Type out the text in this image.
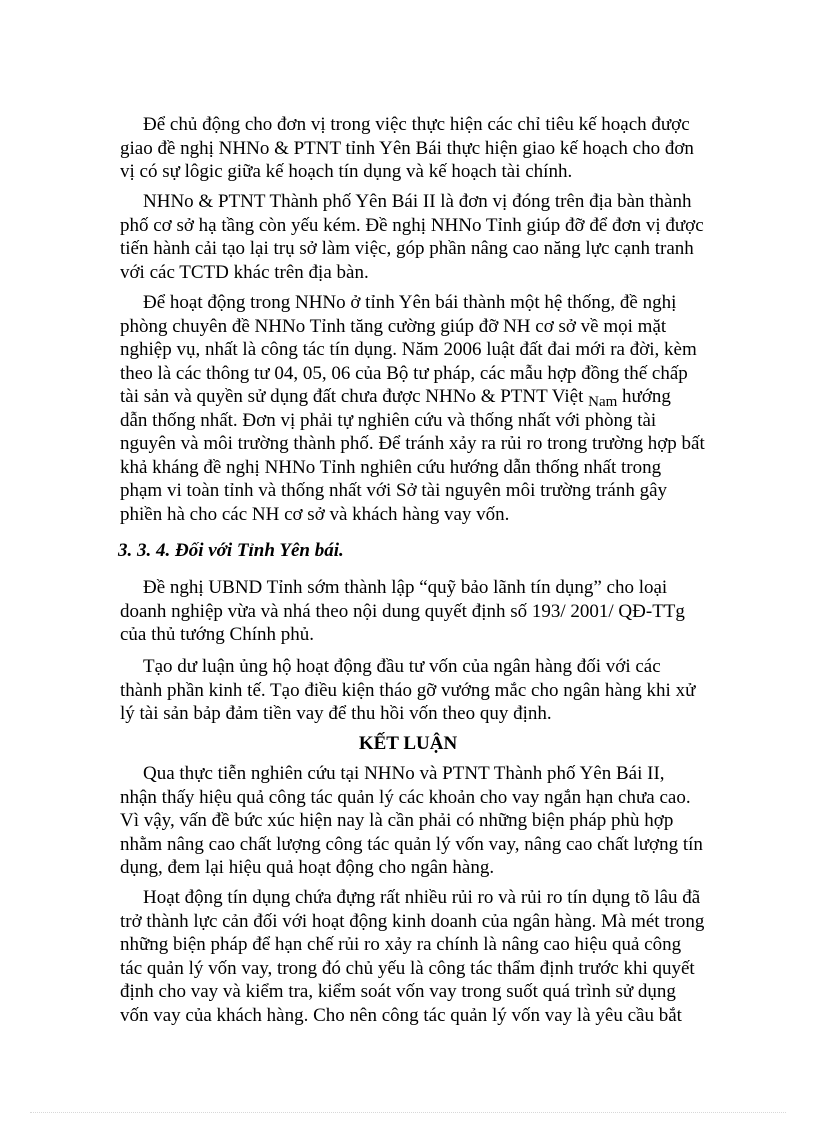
Để chủ động cho đơn vị trong việc thực hiện các chỉ tiêu kế hoạch được

giao đề nghị NHNo & PTNT tỉnh Yên Bái thực hiện giao kế hoạch cho đơn

vị có sự lôgic giữa kế hoạch tín dụng và kế hoạch tài chính.

NHNo & PTNT Thành phố Yên Bái II là đơn vị đóng trên địa bàn thành

phố cơ sở hạ tầng còn yếu kém. Đề nghị NHNo Tỉnh giúp đỡ để đơn vị được

tiến hành cải tạo lại trụ sở làm việc, góp phần nâng cao năng lực cạnh tranh

với các TCTD khác trên địa bàn.

Để hoạt động trong NHNo ở tỉnh Yên bái thành một hệ thống, đề nghị

phòng chuyên đề NHNo Tỉnh tăng cường giúp đỡ NH cơ sở về mọi mặt

nghiệp vụ, nhất là công tác tín dụng. Năm 2006 luật đất đai mới ra đời, kèm

theo là các thông tư 04, 05, 06 của Bộ tư pháp, các mẫu hợp đồng thế chấp

tài sản và quyền sử dụng đất chưa được NHNo & PTNT Việt Nam hướng

dẫn thống nhất. Đơn vị phải tự nghiên cứu và thống nhất với phòng tài

nguyên và môi trường thành phố. Để tránh xảy ra rủi ro trong trường hợp bất

khả kháng đề nghị NHNo Tỉnh nghiên cứu hướng dẫn thống nhất trong

phạm vi toàn tỉnh và thống nhất với Sở tài nguyên môi trường tránh gây

phiền hà cho các NH cơ sở và khách hàng vay vốn.

3. 3. 4. Đối với Tỉnh Yên bái.

Đề nghị UBND Tỉnh sớm thành lập “quỹ bảo lãnh tín dụng” cho loại

doanh nghiệp vừa và nhá theo nội dung quyết định số 193/ 2001/ QĐ-TTg

của thủ tướng Chính phủ.

Tạo dư luận ủng hộ hoạt động đầu tư vốn của ngân hàng đối với các

thành phần kinh tế. Tạo điều kiện tháo gỡ vướng mắc cho ngân hàng khi xử

lý tài sản bảp đảm tiền vay để thu hồi vốn theo quy định.

KẾT LUẬN

Qua thực tiễn nghiên cứu tại NHNo và PTNT Thành phố Yên Bái II,

nhận thấy hiệu quả công tác quản lý các khoản cho vay ngắn hạn chưa cao.

Vì vậy, vấn đề bức xúc hiện nay là cần phải có những biện pháp phù hợp

nhằm nâng cao chất lượng công tác quản lý vốn vay, nâng cao chất lượng tín

dụng, đem lại hiệu quả hoạt động cho ngân hàng.

Hoạt động tín dụng chứa đựng rất nhiều rủi ro và rủi ro tín dụng tõ lâu đã

trở thành lực cản đối với hoạt động kinh doanh của ngân hàng. Mà mét trong

những biện pháp để hạn chế rủi ro xảy ra chính là nâng cao hiệu quả công

tác quản lý vốn vay, trong đó chủ yếu là công tác thẩm định trước khi quyết

định cho vay và kiểm tra, kiểm soát vốn vay trong suốt quá trình sử dụng

vốn vay của khách hàng. Cho nên công tác quản lý vốn vay là yêu cầu bắt
